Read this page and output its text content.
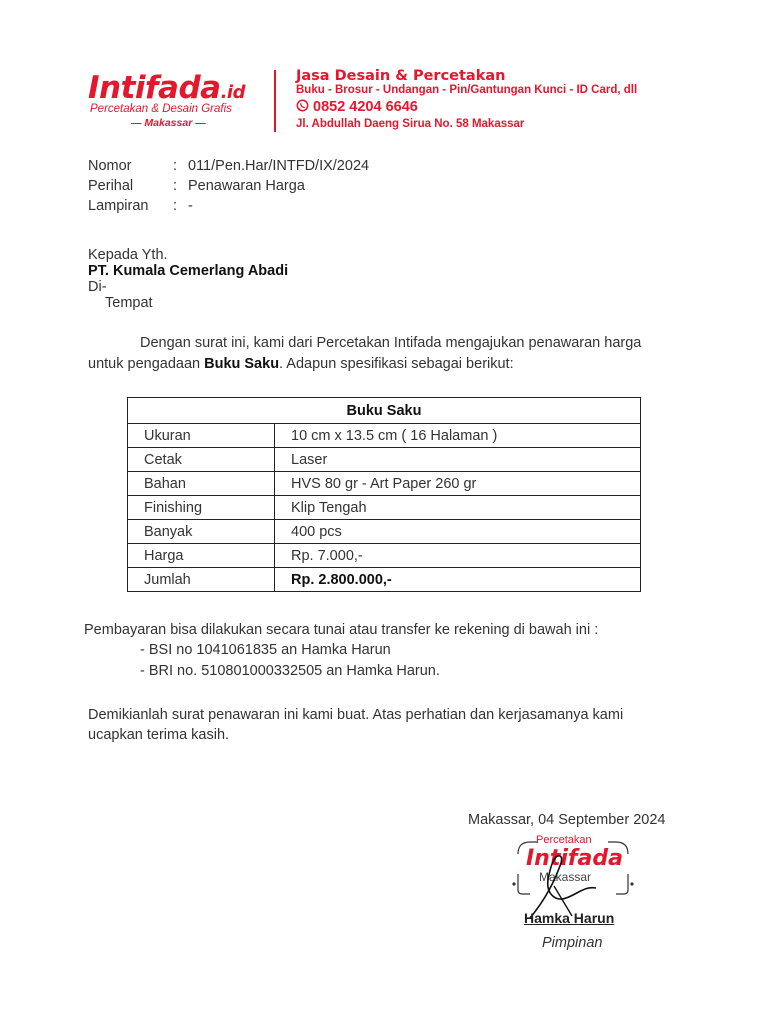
Intifada.id
Percetakan & Desain Grafis
— Makassar —
Jasa Desain & Percetakan
Buku - Brosur - Undangan - Pin/Gantungan Kunci - ID Card, dll
0852 4204 6646
Jl. Abdullah Daeng Sirua No. 58 Makassar
Nomor	: 011/Pen.Har/INTFD/IX/2024
Perihal	: Penawaran Harga
Lampiran : -
Kepada Yth.
PT. Kumala Cemerlang Abadi
Di-
Tempat
Dengan surat ini, kami dari Percetakan Intifada mengajukan penawaran harga
untuk pengadaan Buku Saku. Adapun spesifikasi sebagai berikut:
Buku Saku	
Ukuran	10 cm x 13.5 cm ( 16 Halaman )
Cetak	Laser
Bahan	HVS 80 gr - Art Paper 260 gr
Finishing	Klip Tengah
Banyak	400 pcs
Harga	Rp. 7.000,-
Jumlah	Rp. 2.800.000,-
Pembayaran bisa dilakukan secara tunai atau transfer ke rekening di bawah ini :
- BSI no 1041061835 an Hamka Harun
- BRI no. 510801000332505 an Hamka Harun.
Demikianlah surat penawaran ini kami buat. Atas perhatian dan kerjasamanya kami
ucapkan terima kasih.
Makassar, 04 September 2024
Percetakan
Intifada
Makassar
Hamka Harun
Pimpinan
